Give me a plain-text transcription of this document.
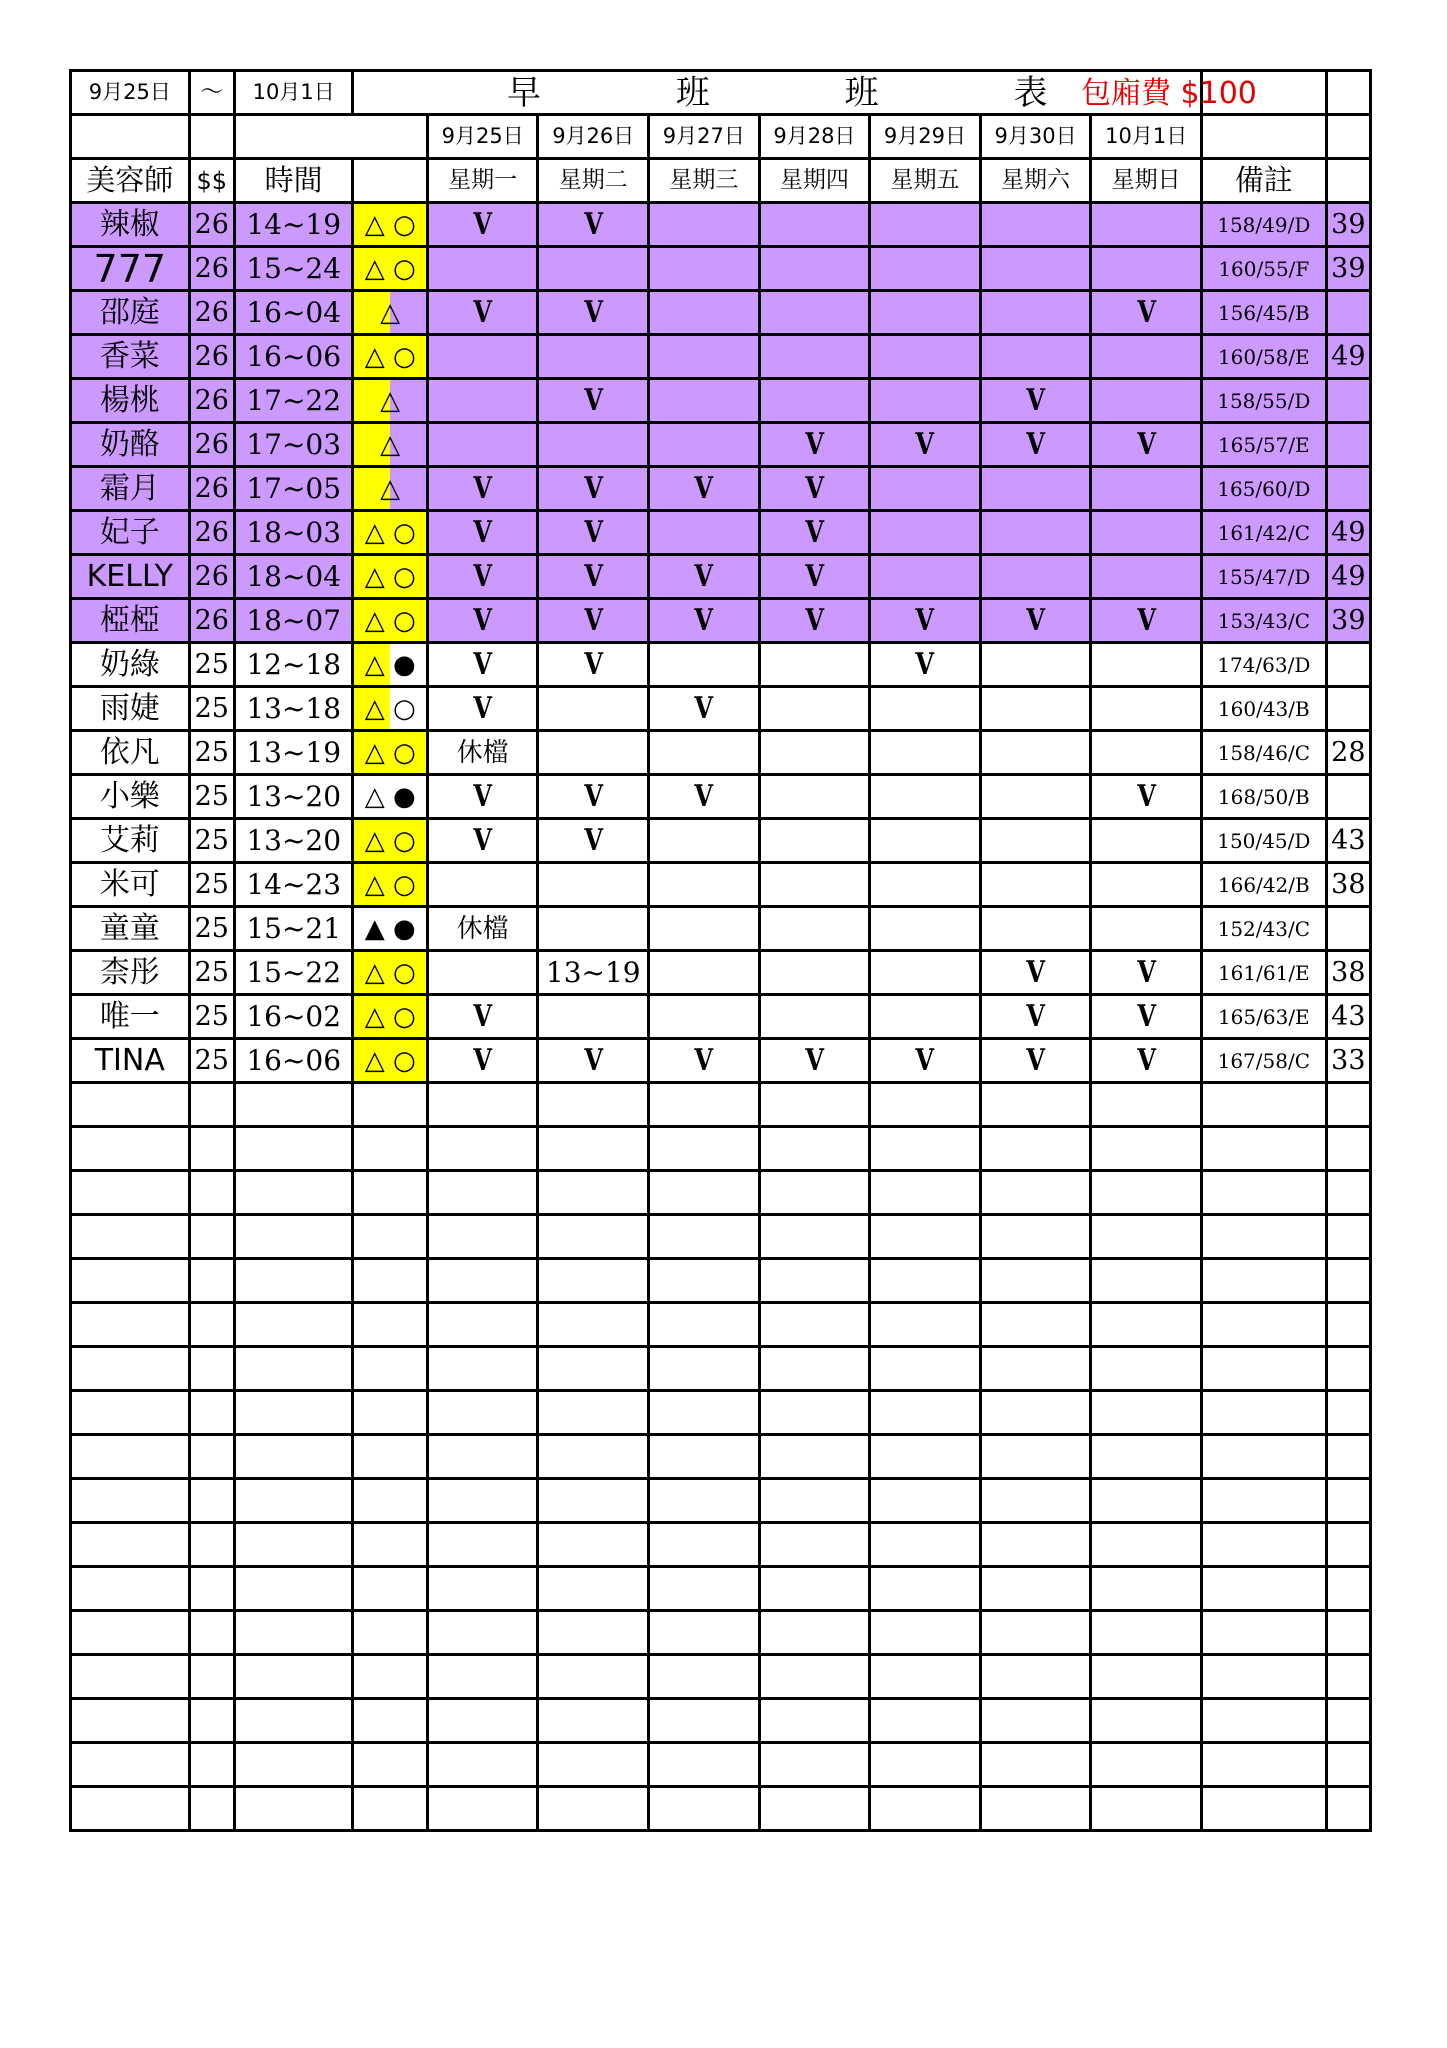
9月25日	～	10月1日	早 班 班 表									
				9月25日	9月26日	9月27日	9月28日	9月29日	9月30日	10月1日		
美容師	$$	時間		星期一	星期二	星期三	星期四	星期五	星期六	星期日	備註	
辣椒	26	14~19	△ ○	V	V						158/49/D	39
777	26	15~24	△ ○								160/55/F	39
邵庭	26	16~04	△	V	V					V	156/45/B	
香菜	26	16~06	△ ○								160/58/E	49
楊桃	26	17~22	△		V				V		158/55/D	
奶酪	26	17~03	△				V	V	V	V	165/57/E	
霜月	26	17~05	△	V	V	V	V				165/60/D	
妃子	26	18~03	△ ○	V	V		V				161/42/C	49
KELLY	26	18~04	△ ○	V	V	V	V				155/47/D	49
椏椏	26	18~07	△ ○	V	V	V	V	V	V	V	153/43/C	39
奶綠	25	12~18	△ ●	V	V			V			174/63/D	
雨婕	25	13~18	△ ○	V		V					160/43/B	
依凡	25	13~19	△ ○	休檔							158/46/C	28
小樂	25	13~20	△ ●	V	V	V				V	168/50/B	
艾莉	25	13~20	△ ○	V	V						150/45/D	43
米可	25	14~23	△ ○								166/42/B	38
童童	25	15~21	▲ ●	休檔							152/43/C	
柰彤	25	15~22	△ ○		13~19				V	V	161/61/E	38
唯一	25	16~02	△ ○	V					V	V	165/63/E	43
TINA	25	16~06	△ ○	V	V	V	V	V	V	V	167/58/C	33

包廂費 $100
